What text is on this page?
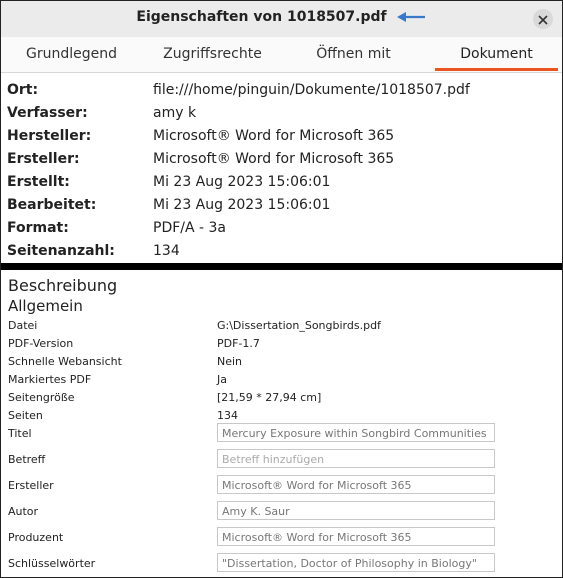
Eigenschaften von 1018507.pdf
Grundlegend	Zugriffsrechte	Öffnen mit	Dokument
Ort:	file:///home/pinguin/Dokumente/1018507.pdf
Verfasser:	amy k
Hersteller:	Microsoft® Word for Microsoft 365
Ersteller:	Microsoft® Word for Microsoft 365
Erstellt:	Mi 23 Aug 2023 15:06:01
Bearbeitet:	Mi 23 Aug 2023 15:06:01
Format:	PDF/A - 3a
Seitenanzahl:	134
Beschreibung
Allgemein
Datei	G:\Dissertation_Songbirds.pdf
PDF-Version	PDF-1.7
Schnelle Webansicht	Nein
Markiertes PDF	Ja
Seitengröße	[21,59 * 27,94 cm]
Seiten	134
Titel	Mercury Exposure within Songbird Communities
Betreff	Betreff hinzufügen
Ersteller	Microsoft® Word for Microsoft 365
Autor	Amy K. Saur
Produzent	Microsoft® Word for Microsoft 365
Schlüsselwörter	"Dissertation, Doctor of Philosophy in Biology"
